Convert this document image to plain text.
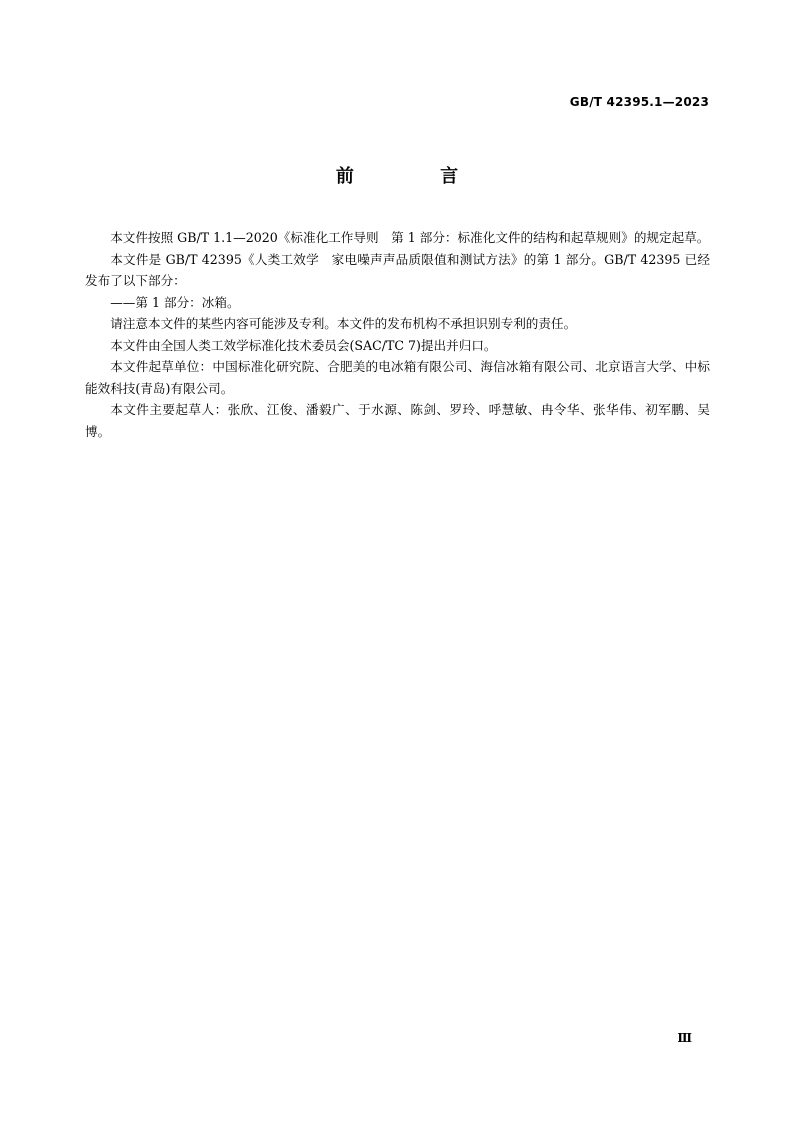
GB/T 42395.1—2023
前 言

本文件按照 GB/T 1.1—2020《标准化工作导则　第 1 部分：标准化文件的结构和起草规则》的规定起草。

本文件是 GB/T 42395《人类工效学　家电噪声声品质限值和测试方法》的第 1 部分。GB/T 42395 已经发布了以下部分：

——第 1 部分：冰箱。

请注意本文件的某些内容可能涉及专利。本文件的发布机构不承担识别专利的责任。

本文件由全国人类工效学标准化技术委员会(SAC/TC 7)提出并归口。

本文件起草单位：中国标准化研究院、合肥美的电冰箱有限公司、海信冰箱有限公司、北京语言大学、中标能效科技(青岛)有限公司。

本文件主要起草人：张欣、江俊、潘毅广、于水源、陈剑、罗玲、呼慧敏、冉令华、张华伟、初军鹏、吴博。

Ⅲ
